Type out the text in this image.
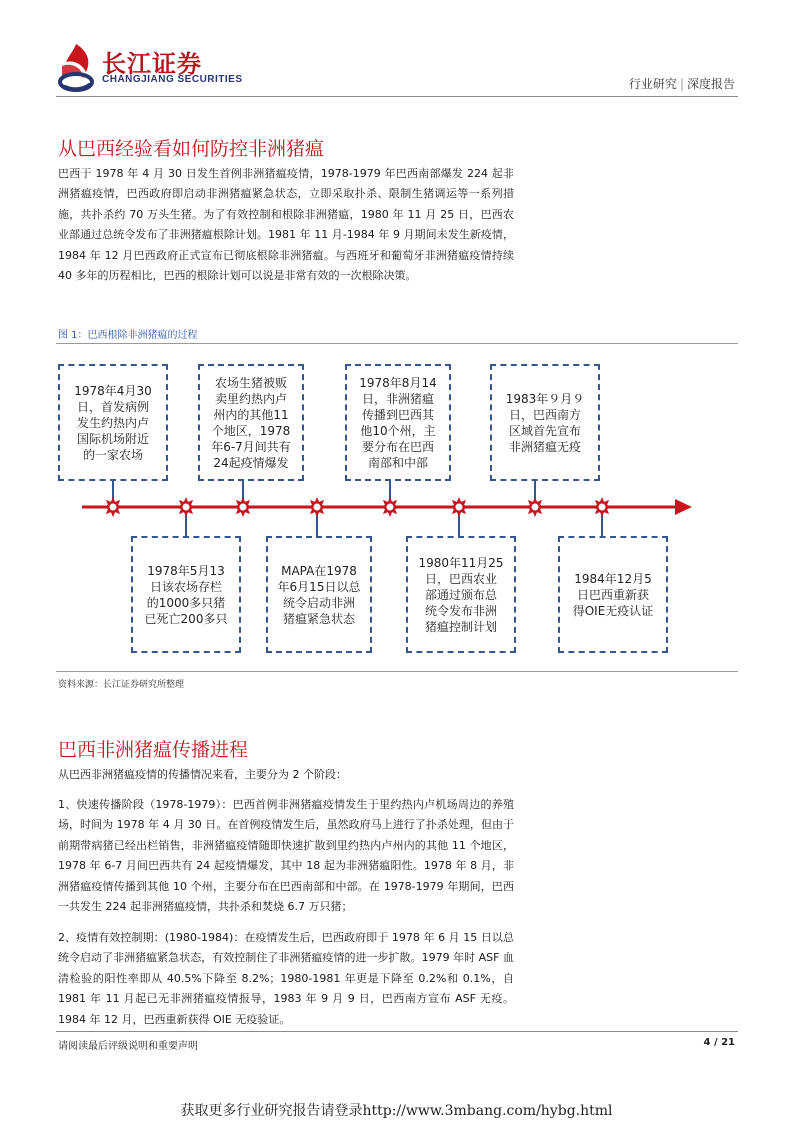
长江证券
CHANGJIANG SECURITIES	行业研究 | 深度报告
从巴西经验看如何防控非洲猪瘟

巴西于 1978 年 4 月 30 日发生首例非洲猪瘟疫情，1978-1979 年巴西南部爆发 224 起非洲猪瘟疫情，巴西政府即启动非洲猪瘟紧急状态，立即采取扑杀、限制生猪调运等一系列措施，共扑杀约 70 万头生猪。为了有效控制和根除非洲猪瘟，1980 年 11 月 25 日，巴西农业部通过总统令发布了非洲猪瘟根除计划。1981 年 11 月-1984 年 9 月期间未发生新疫情，1984 年 12 月巴西政府正式宣布已彻底根除非洲猪瘟。与西班牙和葡萄牙非洲猪瘟疫情持续 40 多年的历程相比，巴西的根除计划可以说是非常有效的一次根除决策。

图 1：巴西根除非洲猪瘟的过程
1978年4月30
日，首发病例
发生约热内卢
国际机场附近
的一家农场
农场生猪被贩
卖里约热内卢
州内的其他11
个地区，1978
年6-7月间共有
24起疫情爆发
1978年8月14
日，非洲猪瘟
传播到巴西其
他10个州，主
要分布在巴西
南部和中部
1983年９月９
日，巴西南方
区域首先宣布
非洲猪瘟无疫
1978年5月13
日该农场存栏
的1000多只猪
已死亡200多只
MAPA在1978
年6月15日以总
统令启动非洲
猪瘟紧急状态
1980年11月25
日，巴西农业
部通过颁布总
统令发布非洲
猪瘟控制计划
1984年12月5
日巴西重新获
得OIE无疫认证
资料来源：长江证券研究所整理
巴西非洲猪瘟传播进程

从巴西非洲猪瘟疫情的传播情况来看，主要分为 2 个阶段：

1、快速传播阶段（1978-1979）：巴西首例非洲猪瘟疫情发生于里约热内卢机场周边的养殖场，时间为 1978 年 4 月 30 日。在首例疫情发生后，虽然政府马上进行了扑杀处理，但由于前期带病猪已经出栏销售，非洲猪瘟疫情随即快速扩散到里约热内卢州内的其他 11 个地区，1978 年 6-7 月间巴西共有 24 起疫情爆发，其中 18 起为非洲猪瘟阳性。1978 年 8 月，非洲猪瘟疫情传播到其他 10 个州，主要分布在巴西南部和中部。在 1978-1979 年期间，巴西一共发生 224 起非洲猪瘟疫情，共扑杀和焚烧 6.7 万只猪；

2、疫情有效控制期：(1980-1984)：在疫情发生后，巴西政府即于 1978 年 6 月 15 日以总统令启动了非洲猪瘟紧急状态，有效控制住了非洲猪瘟疫情的进一步扩散。1979 年时 ASF 血清检验的阳性率即从 40.5%下降至 8.2%；1980-1981 年更是下降至 0.2%和 0.1%，自 1981 年 11 月起已无非洲猪瘟疫情报导，1983 年 9 月 9 日，巴西南方宣布 ASF 无疫。1984 年 12 月，巴西重新获得 OIE 无疫验证。

请阅读最后评级说明和重要声明	4 / 21
获取更多行业研究报告请登录http://www.3mbang.com/hybg.html
